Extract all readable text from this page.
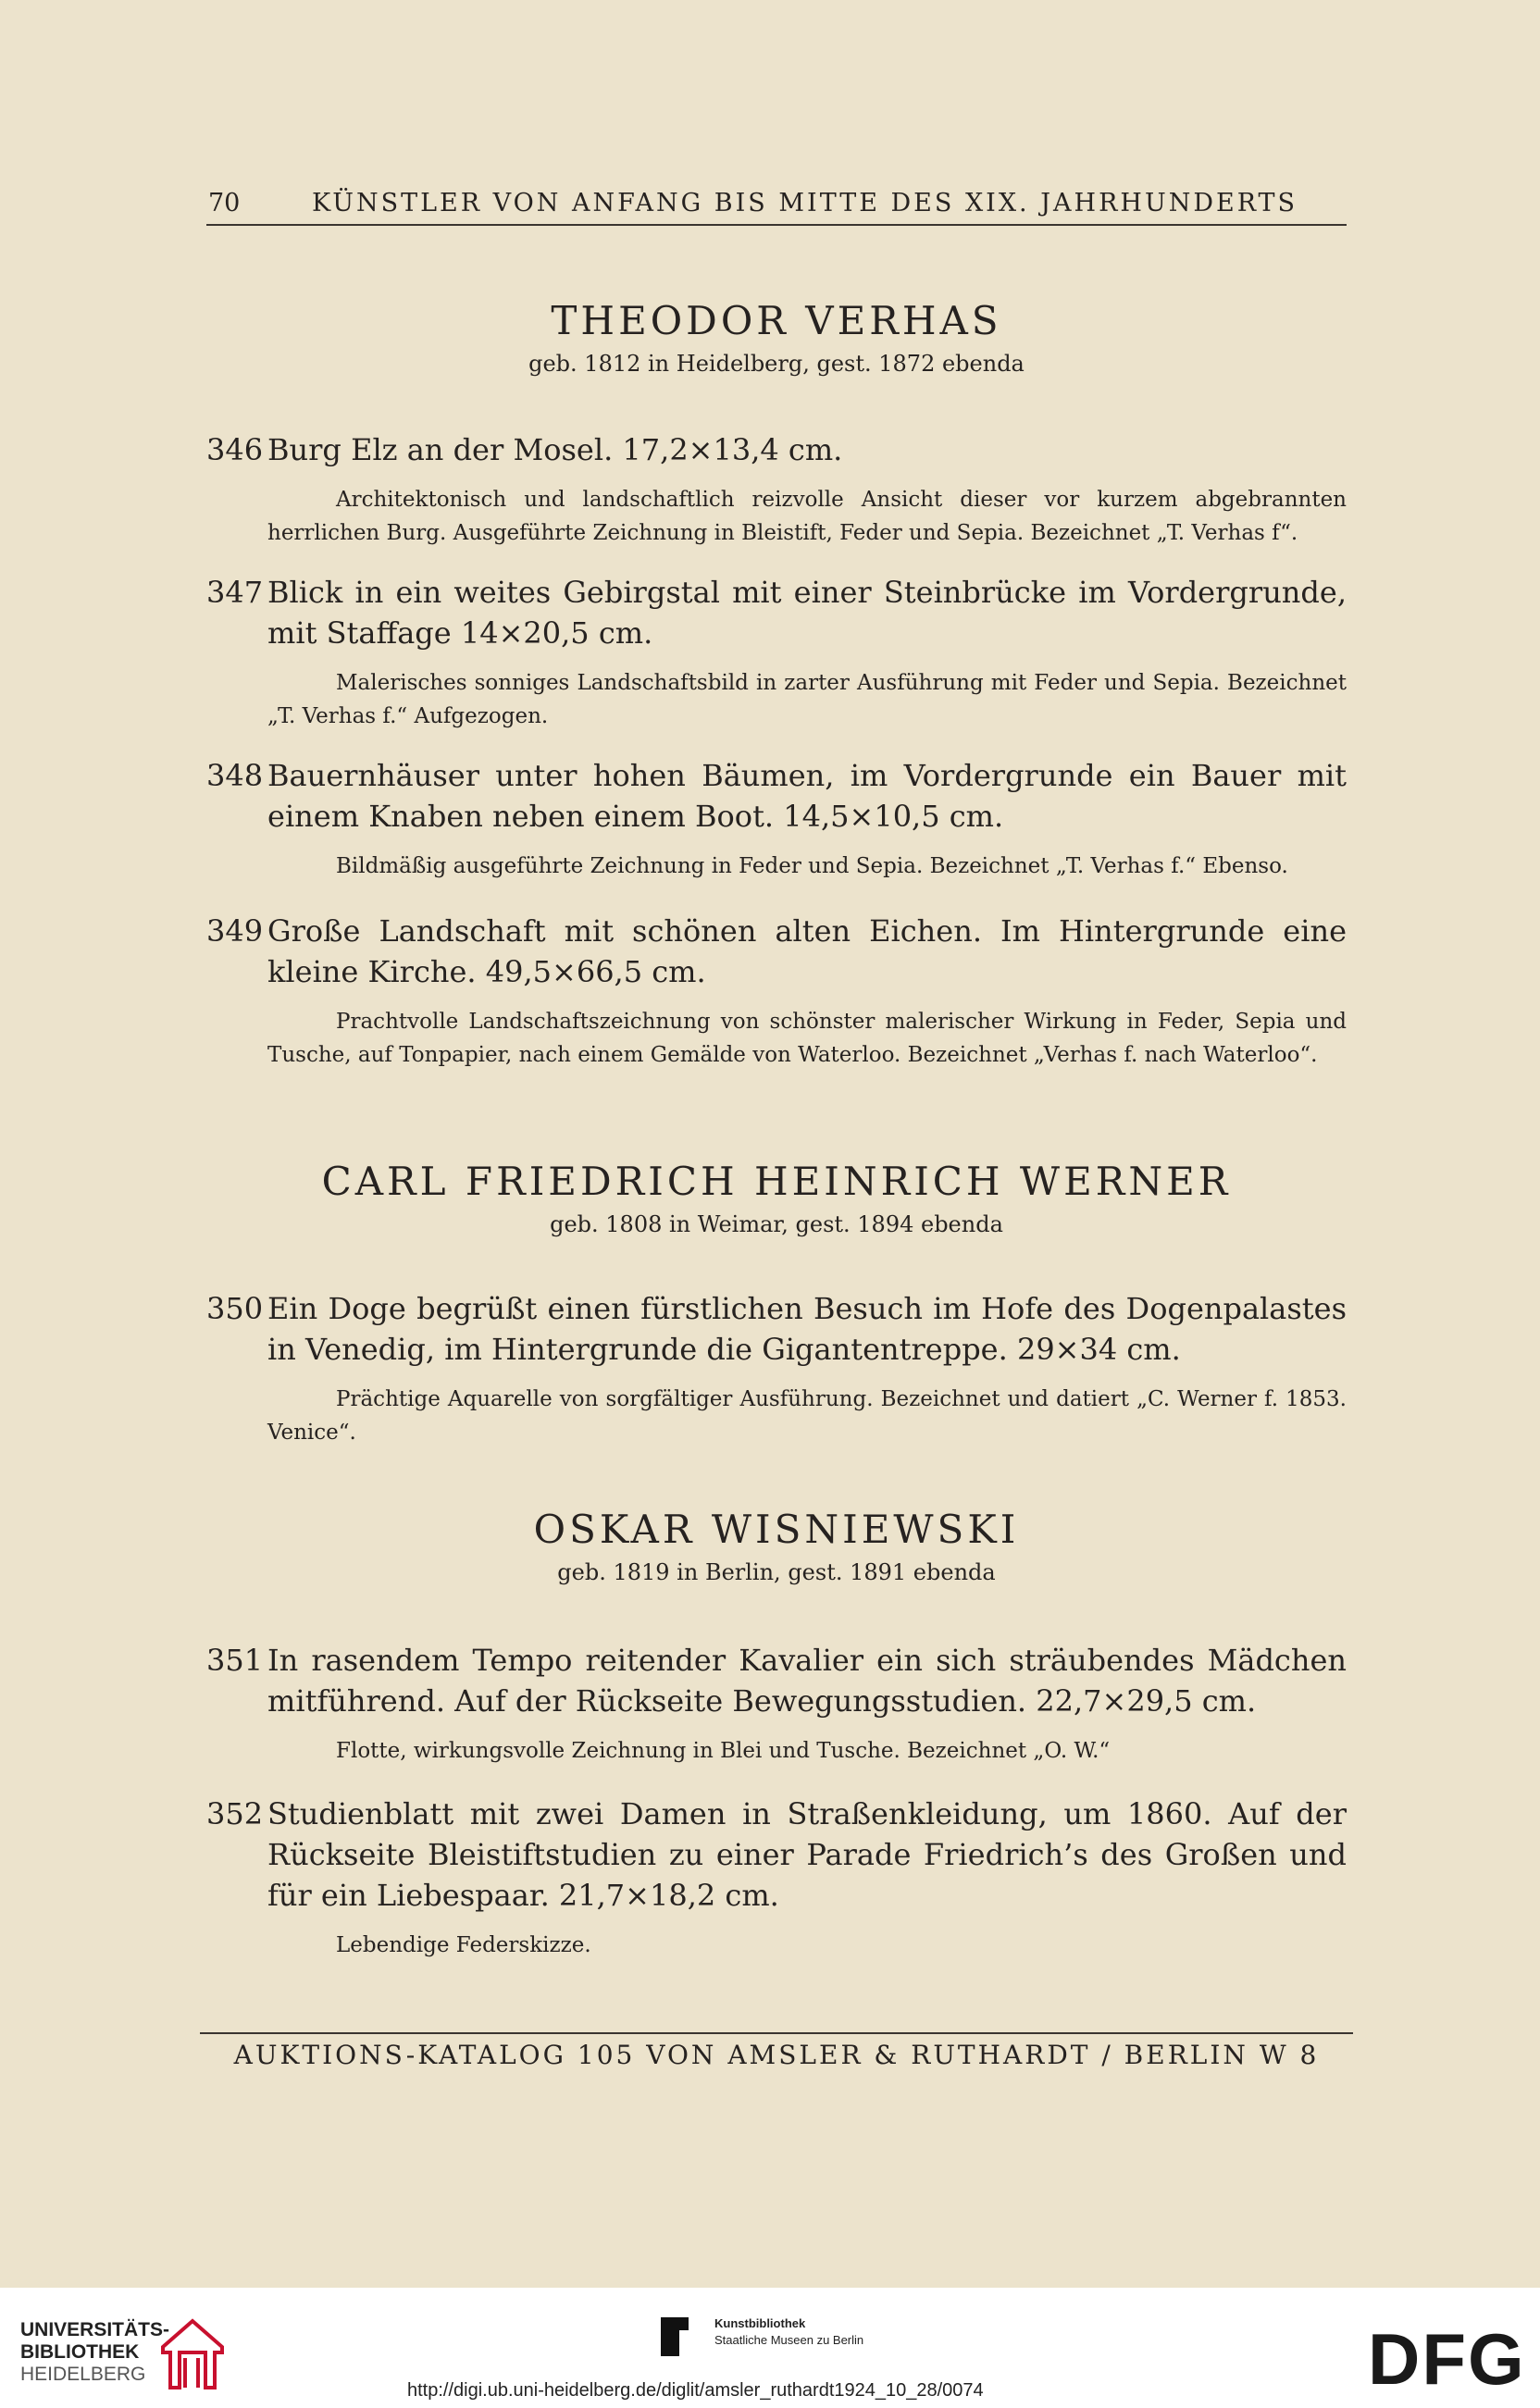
70	KÜNSTLER VON ANFANG BIS MITTE DES XIX. JAHRHUNDERTS
THEODOR VERHAS
geb. 1812 in Heidelberg, gest. 1872 ebenda
346 Burg Elz an der Mosel. 17,2×13,4 cm.
Architektonisch und landschaftlich reizvolle Ansicht dieser vor kurzem abgebrannten herrlichen Burg. Ausgeführte Zeichnung in Bleistift, Feder und Sepia. Bezeichnet „T. Verhas f“.
347 Blick in ein weites Gebirgstal mit einer Steinbrücke im Vordergrunde, mit Staffage 14×20,5 cm.
Malerisches sonniges Landschaftsbild in zarter Ausführung mit Feder und Sepia. Bezeichnet „T. Verhas f.“ Aufgezogen.
348 Bauernhäuser unter hohen Bäumen, im Vordergrunde ein Bauer mit einem Knaben neben einem Boot. 14,5×10,5 cm.
Bildmäßig ausgeführte Zeichnung in Feder und Sepia. Bezeichnet „T. Verhas f.“ Ebenso.
349 Große Landschaft mit schönen alten Eichen. Im Hintergrunde eine kleine Kirche. 49,5×66,5 cm.
Prachtvolle Landschaftszeichnung von schönster malerischer Wirkung in Feder, Sepia und Tusche, auf Tonpapier, nach einem Gemälde von Waterloo. Bezeichnet „Verhas f. nach Waterloo“.
CARL FRIEDRICH HEINRICH WERNER
geb. 1808 in Weimar, gest. 1894 ebenda
350 Ein Doge begrüßt einen fürstlichen Besuch im Hofe des Dogenpalastes in Venedig, im Hintergrunde die Gigantentreppe. 29×34 cm.
Prächtige Aquarelle von sorgfältiger Ausführung. Bezeichnet und datiert „C. Werner f. 1853. Venice“.
OSKAR WISNIEWSKI
geb. 1819 in Berlin, gest. 1891 ebenda
351 In rasendem Tempo reitender Kavalier ein sich sträubendes Mädchen mitführend. Auf der Rückseite Bewegungsstudien. 22,7×29,5 cm.
Flotte, wirkungsvolle Zeichnung in Blei und Tusche. Bezeichnet „O. W.“
352 Studienblatt mit zwei Damen in Straßenkleidung, um 1860. Auf der Rückseite Bleistiftstudien zu einer Parade Friedrich’s des Großen und für ein Liebespaar. 21,7×18,2 cm.
Lebendige Federskizze.
AUKTIONS-KATALOG 105 VON AMSLER & RUTHARDT / BERLIN W 8
UNIVERSITÄTS-
BIBLIOTHEK
HEIDELBERG
Kunstbibliothek
Staatliche Museen zu Berlin	DFG
http://digi.ub.uni-heidelberg.de/diglit/amsler_ruthardt1924_10_28/0074
